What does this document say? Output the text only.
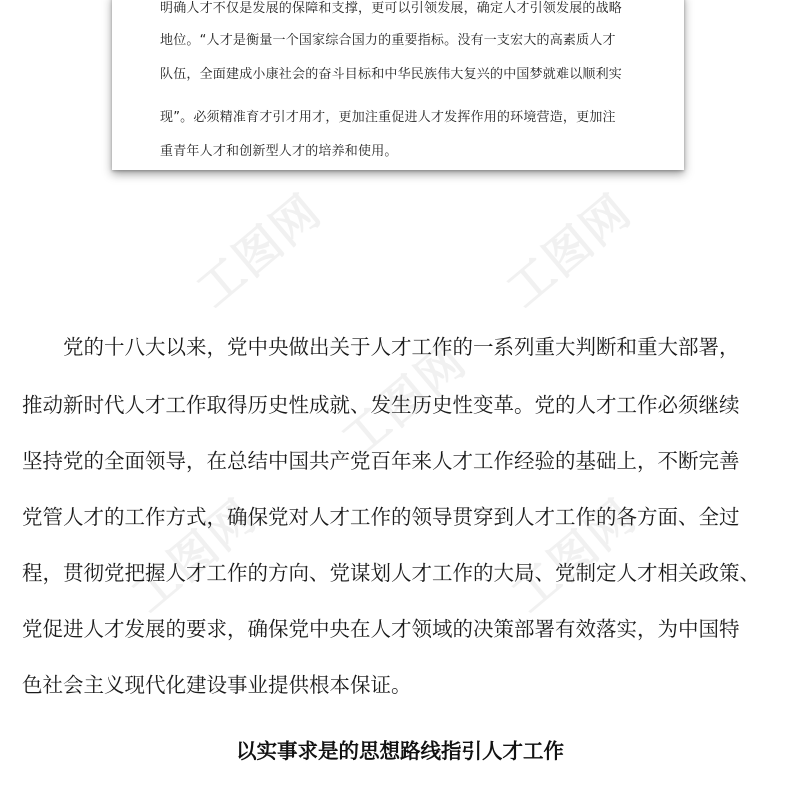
明确人才不仅是发展的保障和支撑，更可以引领发展，确定人才引领发展的战略
地位。“人才是衡量一个国家综合国力的重要指标。没有一支宏大的高素质人才
队伍，全面建成小康社会的奋斗目标和中华民族伟大复兴的中国梦就难以顺利实
现”。必须精准育才引才用才，更加注重促进人才发挥作用的环境营造，更加注
重青年人才和创新型人才的培养和使用。
工图网	工图网
工图网
工图网	工图网
　　党的十八大以来，党中央做出关于人才工作的一系列重大判断和重大部署，
推动新时代人才工作取得历史性成就、发生历史性变革。党的人才工作必须继续
坚持党的全面领导，在总结中国共产党百年来人才工作经验的基础上，不断完善
党管人才的工作方式，确保党对人才工作的领导贯穿到人才工作的各方面、全过
程，贯彻党把握人才工作的方向、党谋划人才工作的大局、党制定人才相关政策、
党促进人才发展的要求，确保党中央在人才领域的决策部署有效落实，为中国特
色社会主义现代化建设事业提供根本保证。
以实事求是的思想路线指引人才工作
